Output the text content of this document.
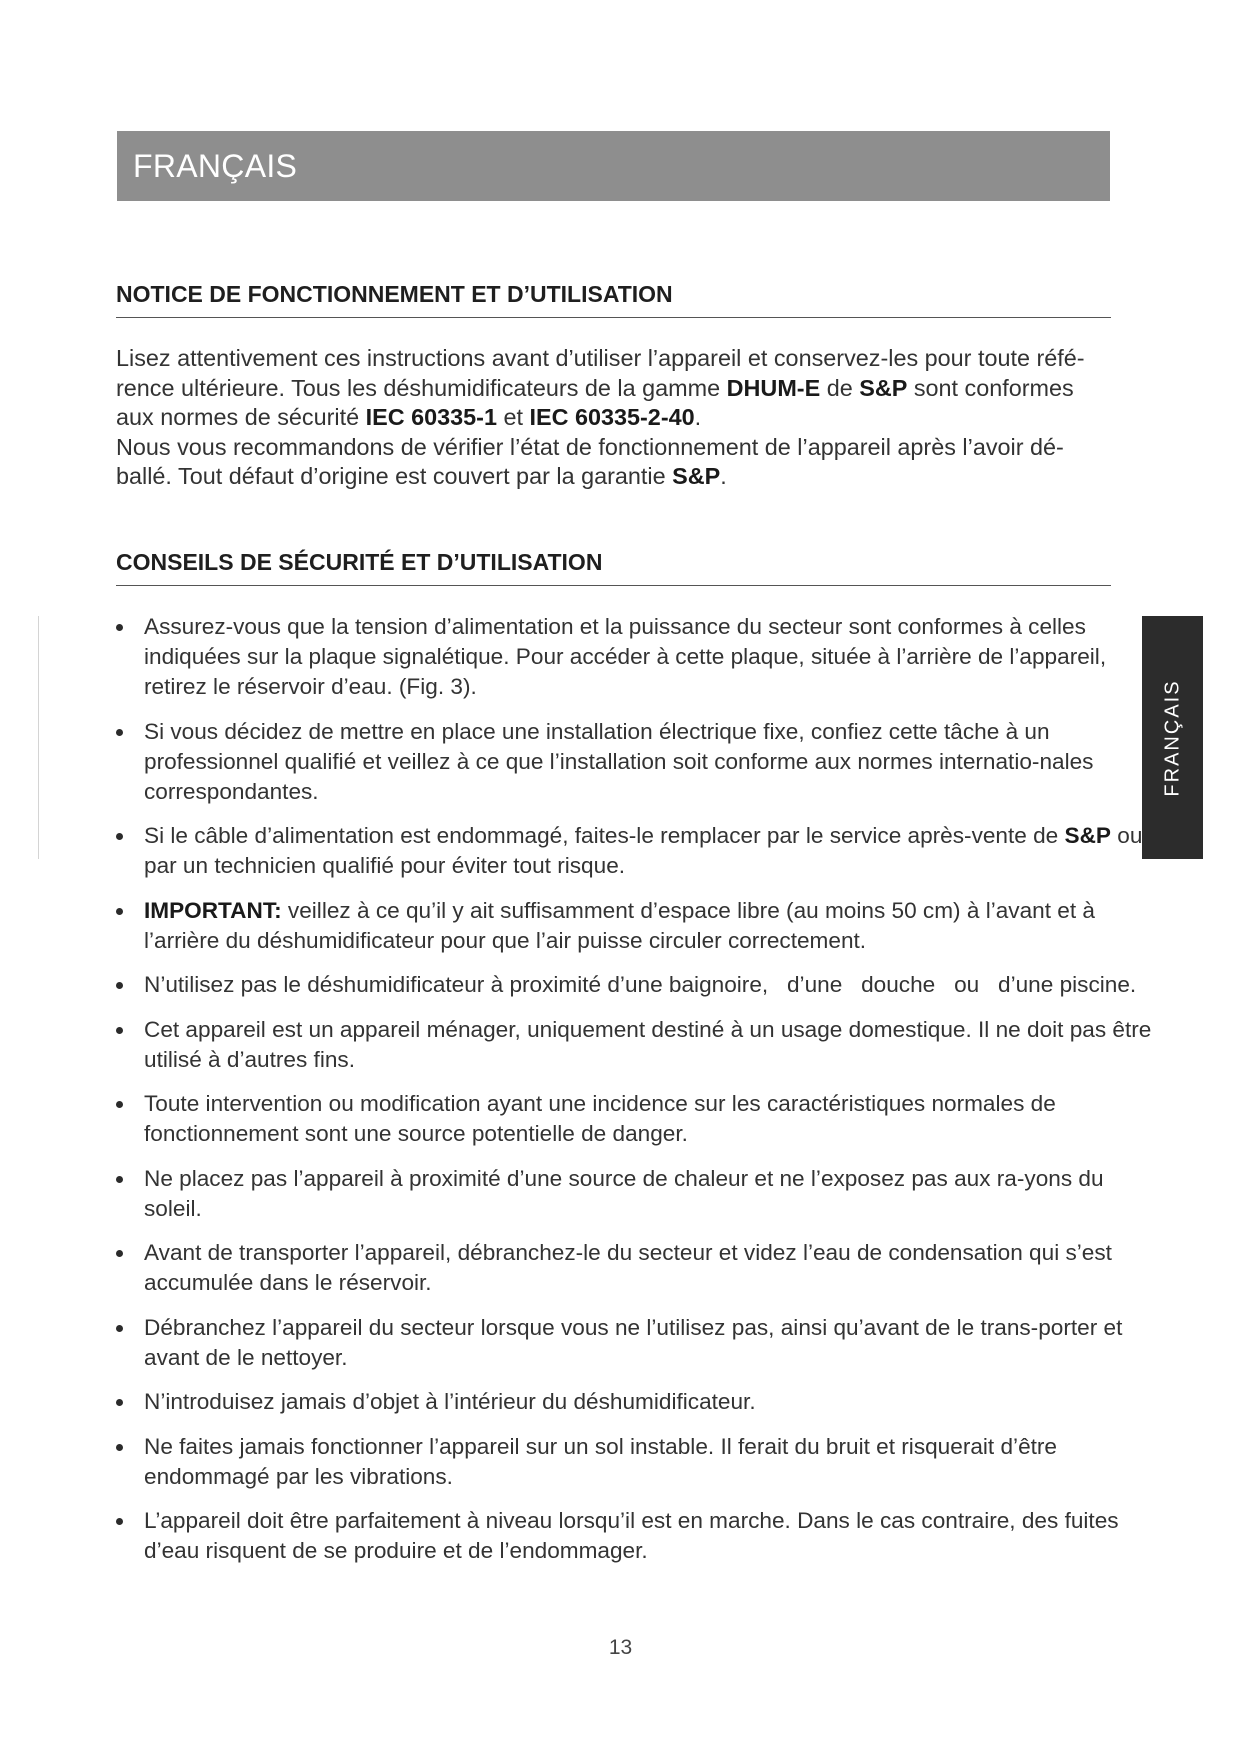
FRANÇAIS
NOTICE DE FONCTIONNEMENT ET D’UTILISATION

Lisez attentivement ces instructions avant d’utiliser l’appareil et conservez-les pour toute réfé-rence ultérieure. Tous les déshumidificateurs de la gamme DHUM-E de S&P sont conformes aux normes de sécurité IEC 60335-1 et IEC 60335-2-40.

Nous vous recommandons de vérifier l’état de fonctionnement de l’appareil après l’avoir dé-ballé. Tout défaut d’origine est couvert par la garantie S&P.

CONSEILS DE SÉCURITÉ ET D’UTILISATION
Assurez-vous que la tension d’alimentation et la puissance du secteur sont conformes à celles indiquées sur la plaque signalétique. Pour accéder à cette plaque, située à l’arrière de l’appareil, retirez le réservoir d’eau. (Fig. 3).
Si vous décidez de mettre en place une installation électrique fixe, confiez cette tâche à un professionnel qualifié et veillez à ce que l’installation soit conforme aux normes internatio-nales correspondantes.
Si le câble d’alimentation est endommagé, faites-le remplacer par le service après-vente de S&P ou par un technicien qualifié pour éviter tout risque.
IMPORTANT: veillez à ce qu’il y ait suffisamment d’espace libre (au moins 50 cm) à l’avant et à l’arrière du déshumidificateur pour que l’air puisse circuler correctement.
N’utilisez pas le déshumidificateur à proximité d’une baignoire,   d’une   douche   ou   d’une piscine.
Cet appareil est un appareil ménager, uniquement destiné à un usage domestique. Il ne doit pas être utilisé à d’autres fins.
Toute intervention ou modification ayant une incidence sur les caractéristiques normales de fonctionnement sont une source potentielle de danger.
Ne placez pas l’appareil à proximité d’une source de chaleur et ne l’exposez pas aux ra-yons du soleil.
Avant de transporter l’appareil, débranchez-le du secteur et videz l’eau de condensation qui s’est accumulée dans le réservoir.
Débranchez l’appareil du secteur lorsque vous ne l’utilisez pas, ainsi qu’avant de le trans-porter et avant de le nettoyer.
N’introduisez jamais d’objet à l’intérieur du déshumidificateur.
Ne faites jamais fonctionner l’appareil sur un sol instable. Il ferait du bruit et risquerait d’être endommagé par les vibrations.
L’appareil doit être parfaitement à niveau lorsqu’il est en marche. Dans le cas contraire, des fuites d’eau risquent de se produire et de l’endommager.
FRANÇAIS
13
